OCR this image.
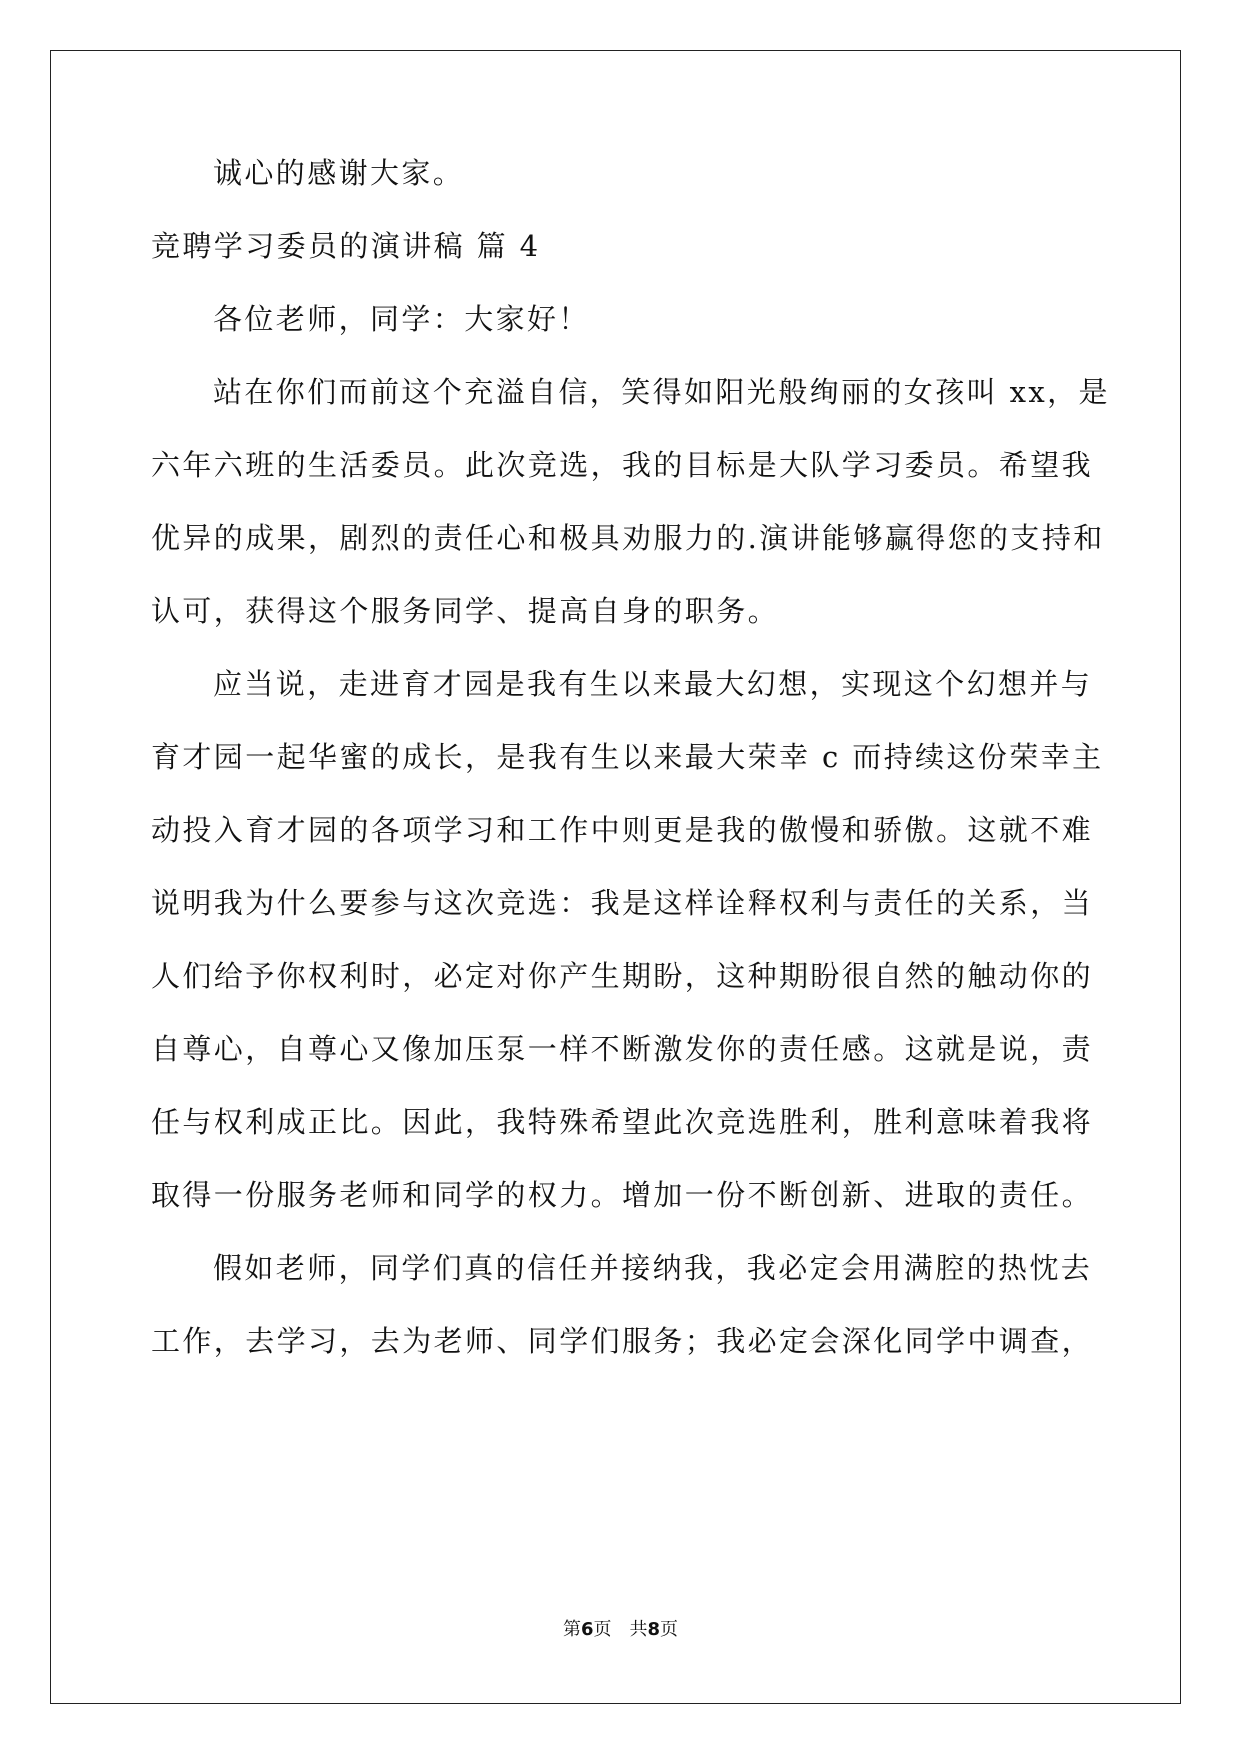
诚心的感谢大家。
竞聘学习委员的演讲稿 篇 4
各位老师，同学：大家好！
站在你们而前这个充溢自信，笑得如阳光般绚丽的女孩叫 xx，是
六年六班的生活委员。此次竞选，我的目标是大队学习委员。希望我
优异的成果，剧烈的责任心和极具劝服力的.演讲能够赢得您的支持和
认可，获得这个服务同学、提高自身的职务。
应当说，走进育才园是我有生以来最大幻想，实现这个幻想并与
育才园一起华蜜的成长，是我有生以来最大荣幸 c 而持续这份荣幸主
动投入育才园的各项学习和工作中则更是我的傲慢和骄傲。这就不难
说明我为什么要参与这次竞选：我是这样诠释权利与责任的关系，当
人们给予你权利时，必定对你产生期盼，这种期盼很自然的触动你的
自尊心，自尊心又像加压泵一样不断激发你的责任感。这就是说，责
任与权利成正比。因此，我特殊希望此次竞选胜利，胜利意味着我将
取得一份服务老师和同学的权力。增加一份不断创新、进取的责任。
假如老师，同学们真的信任并接纳我，我必定会用满腔的热忱去
工作，去学习，去为老师、同学们服务；我必定会深化同学中调查，
第6页　共8页
